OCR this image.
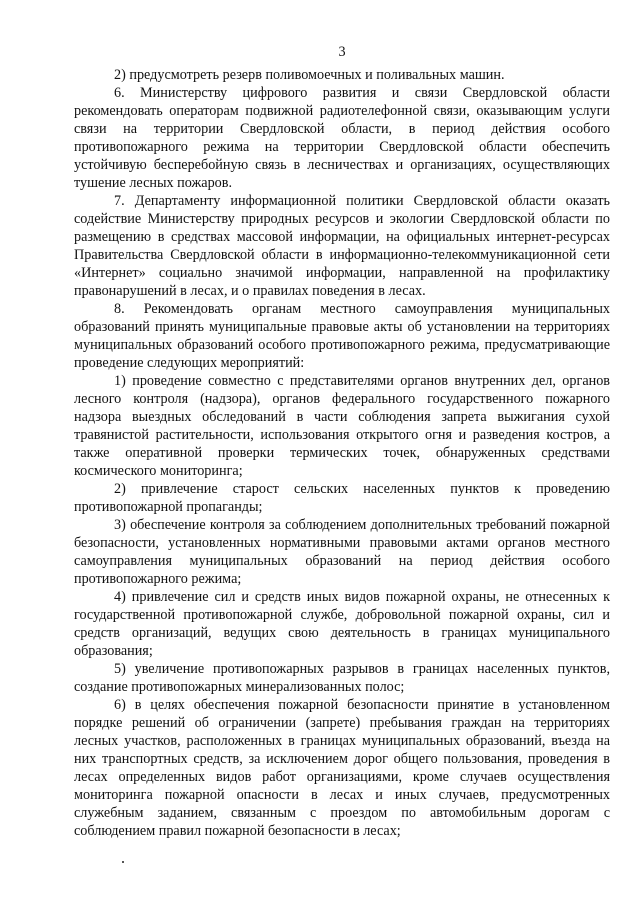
3

2) предусмотреть резерв поливомоечных и поливальных машин.

6. Министерству цифрового развития и связи Свердловской области рекомендовать операторам подвижной радиотелефонной связи, оказывающим услуги связи на территории Свердловской области, в период действия особого противопожарного режима на территории Свердловской области обеспечить устойчивую бесперебойную связь в лесничествах и организациях, осуществляющих тушение лесных пожаров.

7. Департаменту информационной политики Свердловской области оказать содействие Министерству природных ресурсов и экологии Свердловской области по размещению в средствах массовой информации, на официальных интернет-ресурсах Правительства Свердловской области в информационно-телекоммуникационной сети «Интернет» социально значимой информации, направленной на профилактику правонарушений в лесах, и о правилах поведения в лесах.

8. Рекомендовать органам местного самоуправления муниципальных образований принять муниципальные правовые акты об установлении на территориях муниципальных образований особого противопожарного режима, предусматривающие проведение следующих мероприятий:

1) проведение совместно с представителями органов внутренних дел, органов лесного контроля (надзора), органов федерального государственного пожарного надзора выездных обследований в части соблюдения запрета выжигания сухой травянистой растительности, использования открытого огня и разведения костров, а также оперативной проверки термических точек, обнаруженных средствами космического мониторинга;

2) привлечение старост сельских населенных пунктов к проведению противопожарной пропаганды;

3) обеспечение контроля за соблюдением дополнительных требований пожарной безопасности, установленных нормативными правовыми актами органов местного самоуправления муниципальных образований на период действия особого противопожарного режима;

4) привлечение сил и средств иных видов пожарной охраны, не отнесенных к государственной противопожарной службе, добровольной пожарной охраны, сил и средств организаций, ведущих свою деятельность в границах муниципального образования;

5) увеличение противопожарных разрывов в границах населенных пунктов, создание противопожарных минерализованных полос;

6) в целях обеспечения пожарной безопасности принятие в установленном порядке решений об ограничении (запрете) пребывания граждан на территориях лесных участков, расположенных в границах муниципальных образований, въезда на них транспортных средств, за исключением дорог общего пользования, проведения в лесах определенных видов работ организациями, кроме случаев осуществления мониторинга пожарной опасности в лесах и иных случаев, предусмотренных служебным заданием, связанным с проездом по автомобильным дорогам с соблюдением правил пожарной безопасности в лесах;
